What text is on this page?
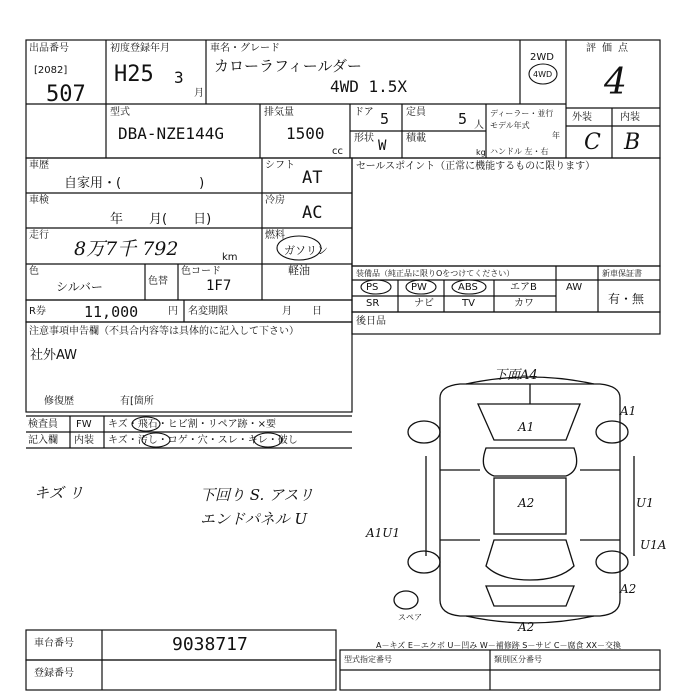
出品番号
[2082]
507
初度登録年月
H25 3
月
車名・グレード
カローラフィールダー
4WD 1.5X
2WD
4WD
評価点
4
外装	内装
C B
型式
DBA-NZE144G
排気量
1500
cc
ドア 5 定員 5 人
形状 W 積載
kg
ディーラー・並行
モデル年式
年
ハンドル 左・右
車歴
自家用・(　　　　　　)
シフト
AT
車検
年　　月(　　日)
冷房
AC
走行
8万7千 792	km
燃料
ガソリン
軽油
色
シルバー	色替
色コード
1F7
R券	11,000	円 名変期限	月　　日
セールスポイント（正常に機能するものに限ります）
装備品（純正品に限りOをつけてください）	新車保証書
PS	PW	ABS	エアB	AW
SR	ナビ	TV	カワ	有・無
後日品
注意事項申告欄（不具合内容等は具体的に記入して下さい）
社外AW
修復歴	有[箇所
検査員 FW キズ・飛石・ヒビ割・リペア跡・×要
記入欄 内装 キズ・汚し・コゲ・穴・スレ・キレ・破し
キズ リ	下回り S. アスリ
エンドパネル U
下面A4
A1
A1
A2	U1
U1A
A2
A1U1
A2
スペア
A－キズ E－エクボ U－凹み W－補修跡 S－サビ C－腐食 XX－交換
車台番号	9038717
登録番号
型式指定番号	類別区分番号
